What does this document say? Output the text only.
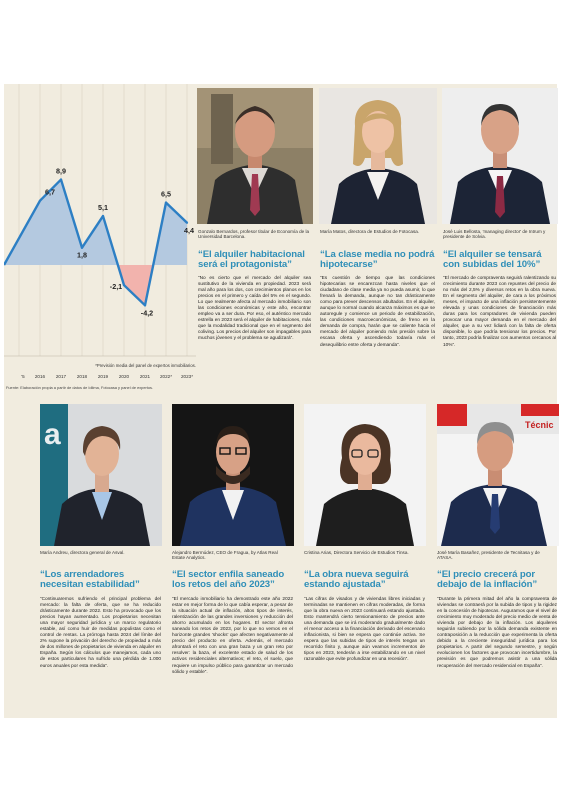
6,7
8,9
1,8
5,1
-2,1
-4,2
6,5
4,4
'5 2016 2017 2018 2019 2020 2021 2022* 2023*
*Previsión media del panel de expertos inmobiliarios.
Fuente: Elaboración propia a partir de datos de Idilma, Fotocasa y panel de expertos.
Gonzalo Bernardos, profesor titular de Economía de la Universidad Barcelona.
“El alquiler habitacional será el protagonista”
“No es cierto que el mercado del alquiler sea sustitutivo de la vivienda en propiedad. 2023 será mal año para los dos, con crecimientos planos en los precios en el primero y caída del 5% en el segundo. Lo que realmente afecta al mercado inmobiliario son las condiciones económicas y este año, encontrar empleo va a ser dura. Por eso, el auténtico mercado estrella en 2023 será el alquiler de habitaciones, más que la modalidad tradicional que en el segmento del coliving. Los precios del alquiler son impagables para muchos jóvenes y el problema se agudizará”.
María Matos, directora de Estudios de Fotocasa.
“La clase media no podrá hipotecarse”
“Es cuestión de tiempo que las condiciones hipotecarias se encarezcan hasta niveles que el ciudadano de clase media ya no pueda asumir, lo que frenará la demanda, aunque no tan drásticamente como para prever descensos abultados. En el alquiler, aunque lo normal cuando alcanza máximos es que se autoregule y comience un periodo de estabilización, las condiciones macroeconómicas, de freno en la demanda de compra, harán que se caliente hacia el mercado del alquiler poniendo más presión sobre la escasa oferta y ascendiendo todavía más el desequilibrio entre oferta y demanda”.
José Luis Bellosta, 'managing director' de Intrum y presidente de Solvia.
“El alquiler se tensará con subidas del 10%”
“El mercado de compraventa seguirá ralentizando su crecimiento durante 2023 con repuntes del precio de no más del 2,5% y diversos retos en la obra nueva. En el segmento del alquiler, de cara a los próximos meses, el impacto de una inflación persistentemente elevada y unas condiciones de financiación más duras para los compradores de vivienda pueden provocar una mayor demanda en el mercado del alquiler, que a su vez lidiará con la falta de oferta disponible, lo que podría tensionar los precios. Por tanto, 2023 podría finalizar con aumentos cercanos al 10%”.
a	Técnic
María Andreu, directora general de Asval.
“Los arrendadores necesitan estabilidad”
“Continuaremos sufriendo el principal problema del mercado: la falta de oferta, que se ha reducido drásticamente durante 2022. Esto ha provocado que los precios hayan aumentado. Los propietarios necesitan una mayor seguridad jurídica y un marco regulatorio estable, así como huir de medidas populistas como el control de rentas. La prórroga hasta 2024 del límite del 2% supone la privación del derecho de propiedad a más de dos millones de propietarios de vivienda en alquiler en España. Según los cálculos que manejamos, cada uno de estos particulares ha sufrido una pérdida de 1.000 euros anuales por esta medida”.
Alejandro Bermúdez, CEO de Fragua, by Atlas Real Estate Analytics.
“El sector enfila saneado los retos del año 2023”
“El mercado inmobiliario ha demostrado este año 2022 estar en mejor forma de lo que cabía esperar, a pesar de la situación actual de inflación, altos tipos de interés, ralentización de las grandes inversiones y reducción del ahorro acumulado en los hogares. El sector afronta saneado los retos de 2023, por lo que no vemos en el horizonte grandes 'shocks' que afecten negativamente al precio del producto en oferta. Además, el mercado afrontará el reto con una gran baza y un gran reto por resolver: la baza, el excelente estado de salud de los activos residenciales alternativos; el reto, el suelo, que requiere un impulso público para garantizar un mercado sólido y estable”.
Cristina Arias, Directora Servicio de Estudios Tinsa.
“La obra nueva seguirá estando ajustada”
“Las cifras de visados y de viviendas libres iniciadas y terminadas se mantienen en cifras moderadas, de forma que la obra nueva en 2023 continuará estando ajustada. Esto mantendrá cierto tensionamiento de precios ante una demanda que se irá moderando gradualmente dado el menor acceso a la financiación derivado del escenario inflacionista, si bien se espera que continúe activa. Se espera que las subidas de tipos de interés tengan un recorrido finito y, aunque aún veamos incrementos de tipos en 2023, tenderán a irse estabilizando en un nivel razonable que evite profundizar en una recesión”.
José María Basañez, presidente de Tecnitasa y de ATASA.
“El precio crecerá por debajo de la inflación”
“Durante la primera mitad del año la compraventa de viviendas se contraerá por la subida de tipos y la rigidez en la concesión de hipotecas. Auguramos que el nivel de crecimiento muy moderado del precio medio de venta de vivienda por debajo de la inflación. Los alquileres seguirán subiendo por la sólida demanda existente en contraposición a la reducción que experimenta la oferta debido a la creciente inseguridad jurídica para los propietarios. A partir del segundo semestre, y según evolucionen los factores que provocan incertidumbre, la previsión es que podremos asistir a una sólida recuperación del mercado residencial en España”.
